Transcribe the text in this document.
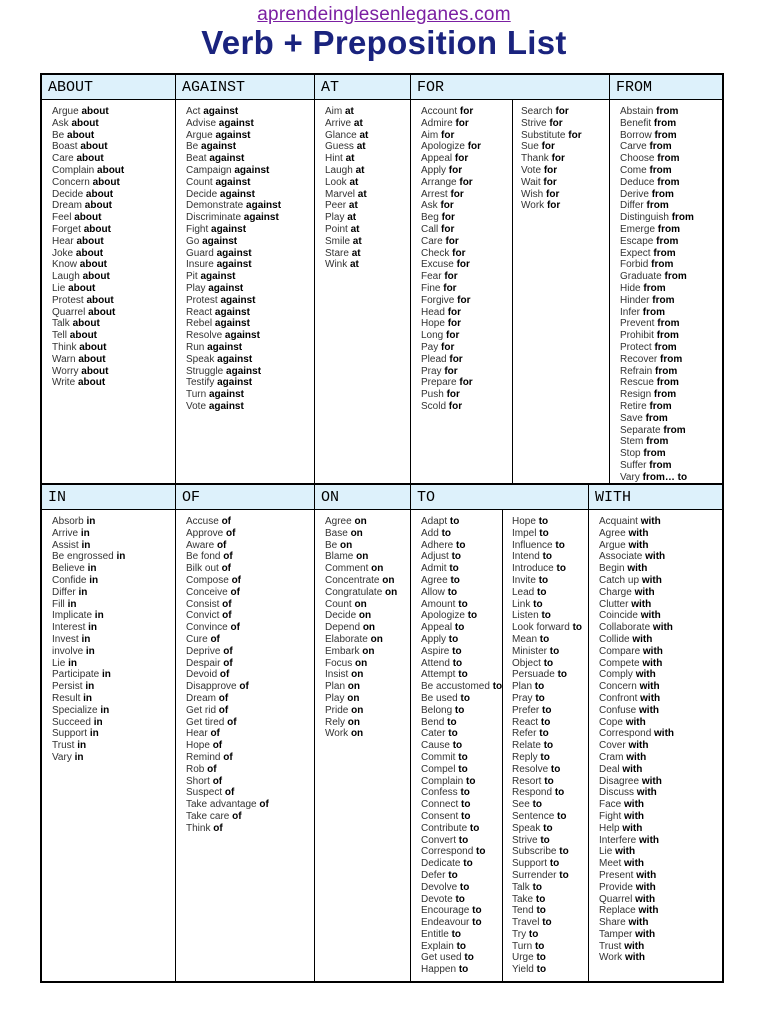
aprendeinglesenleganes.com
Verb + Preposition List
ABOUT
Argue about
Ask about
Be about
Boast about
Care about
Complain about
Concern about
Decide about
Dream about
Feel about
Forget about
Hear about
Joke about
Know about
Laugh about
Lie about
Protest about
Quarrel about
Talk about
Tell about
Think about
Warn about
Worry about
Write about
AGAINST
Act against
Advise against
Argue against
Be against
Beat against
Campaign against
Count against
Decide against
Demonstrate against
Discriminate against
Fight against
Go against
Guard against
Insure against
Pit against
Play against
Protest against
React against
Rebel against
Resolve against
Run against
Speak against
Struggle against
Testify against
Turn against
Vote against
AT
Aim at
Arrive at
Glance at
Guess at
Hint at
Laugh at
Look at
Marvel at
Peer at
Play at
Point at
Smile at
Stare at
Wink at
FOR
Account for
Admire for
Aim for
Apologize for
Appeal for
Apply for
Arrange for
Arrest for
Ask for
Beg for
Call for
Care for
Check for
Excuse for
Fear for
Fine for
Forgive for
Head for
Hope for
Long for
Pay for
Plead for
Pray for
Prepare for
Push for
Scold for
Search for
Strive for
Substitute for
Sue for
Thank for
Vote for
Wait for
Wish for
Work for
FROM
Abstain from
Benefit from
Borrow from
Carve from
Choose from
Come from
Deduce from
Derive from
Differ from
Distinguish from
Emerge from
Escape from
Expect from
Forbid from
Graduate from
Hide from
Hinder from
Infer from
Prevent from
Prohibit from
Protect from
Recover from
Refrain from
Rescue from
Resign from
Retire from
Save from
Separate from
Stem from
Stop from
Suffer from
Vary from… to
IN
Absorb in
Arrive in
Assist in
Be engrossed in
Believe in
Confide in
Differ in
Fill in
Implicate in
Interest in
Invest in
involve in
Lie in
Participate in
Persist in
Result in
Specialize in
Succeed in
Support in
Trust in
Vary in
OF
Accuse of
Approve of
Aware of
Be fond of
Bilk out of
Compose of
Conceive of
Consist of
Convict of
Convince of
Cure of
Deprive of
Despair of
Devoid of
Disapprove of
Dream of
Get rid of
Get tired of
Hear of
Hope of
Remind of
Rob of
Short of
Suspect of
Take advantage of
Take care of
Think of
ON
Agree on
Base on
Be on
Blame on
Comment on
Concentrate on
Congratulate on
Count on
Decide on
Depend on
Elaborate on
Embark on
Focus on
Insist on
Plan on
Play on
Pride on
Rely on
Work on
TO
Adapt to
Add to
Adhere to
Adjust to
Admit to
Agree to
Allow to
Amount to
Apologize to
Appeal to
Apply to
Aspire to
Attend to
Attempt to
Be accustomed to
Be used to
Belong to
Bend to
Cater to
Cause to
Commit to
Compel to
Complain to
Confess to
Connect to
Consent to
Contribute to
Convert to
Correspond to
Dedicate to
Defer to
Devolve to
Devote to
Encourage to
Endeavour to
Entitle to
Explain to
Get used to
Happen to
Hope to
Impel to
Influence to
Intend to
Introduce to
Invite to
Lead to
Link to
Listen to
Look forward to
Mean to
Minister to
Object to
Persuade to
Plan to
Pray to
Prefer to
React to
Refer to
Relate to
Reply to
Resolve to
Resort to
Respond to
See to
Sentence to
Speak to
Strive to
Subscribe to
Support to
Surrender to
Talk to
Take to
Tend to
Travel to
Try to
Turn to
Urge to
Yield to
WITH
Acquaint with
Agree with
Argue with
Associate with
Begin with
Catch up with
Charge with
Clutter with
Coincide with
Collaborate with
Collide with
Compare with
Compete with
Comply with
Concern with
Confront with
Confuse with
Cope with
Correspond with
Cover with
Cram with
Deal with
Disagree with
Discuss with
Face with
Fight with
Help with
Interfere with
Lie with
Meet with
Present with
Provide with
Quarrel with
Replace with
Share with
Tamper with
Trust with
Work with
